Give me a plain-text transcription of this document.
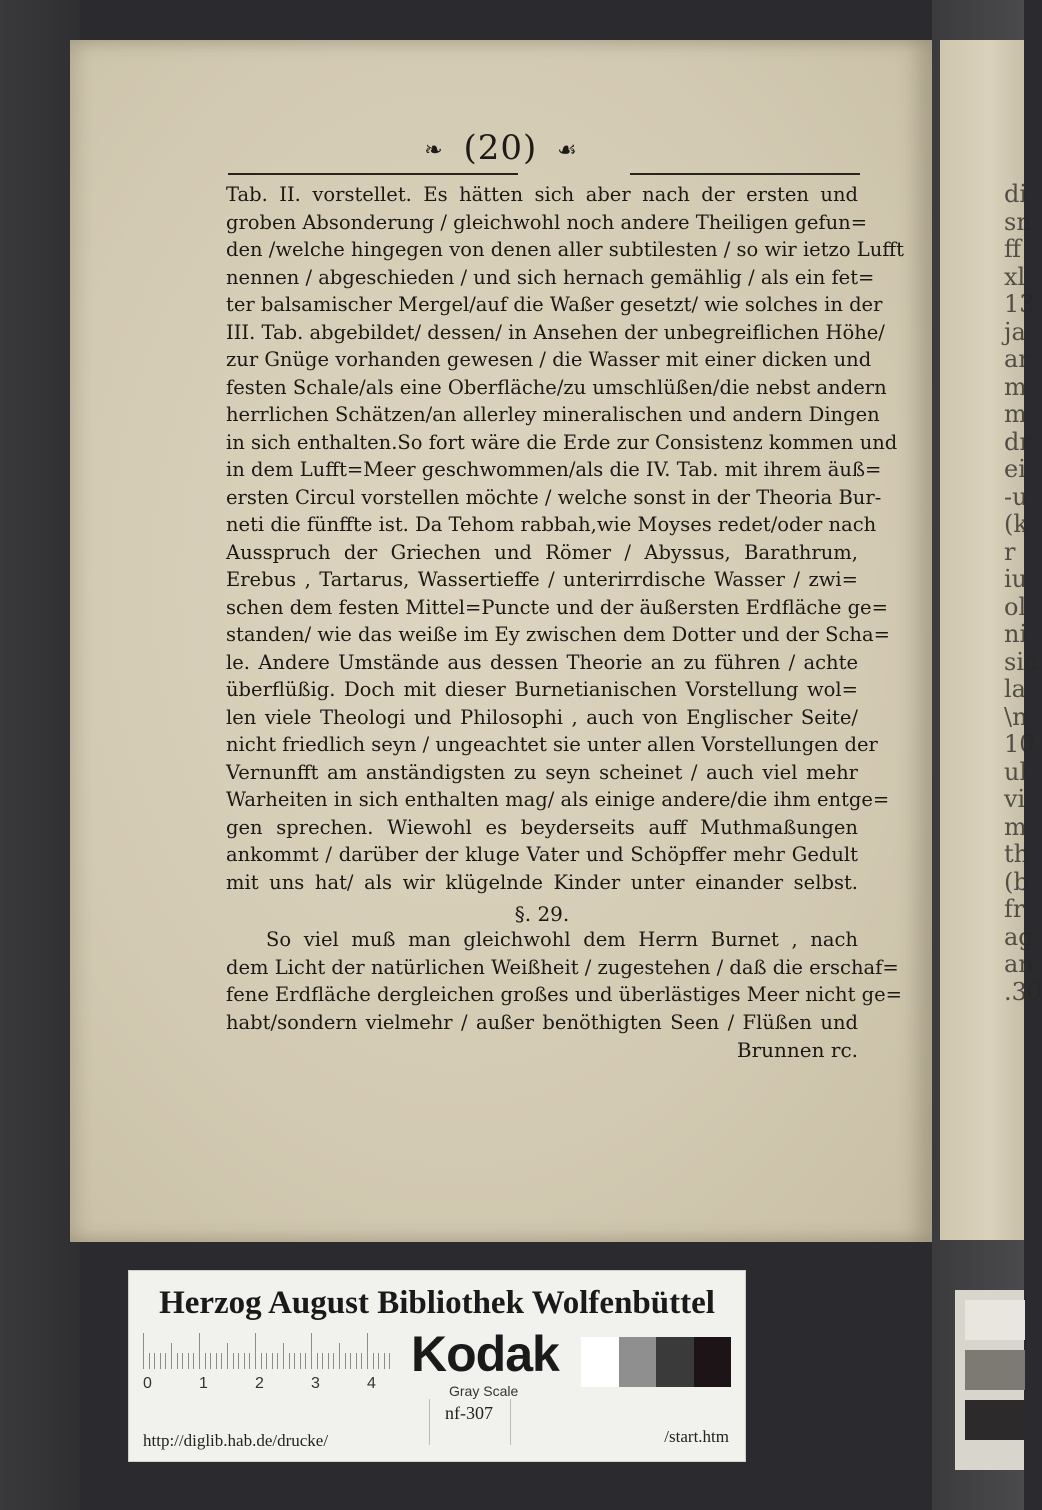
di
sn
ff
xl
13
ja
ar
m
m
dr
ei
-u
(k
r
iu
ol
ni
sic
la
\n
10
ul
vi
m
th
(b
fr
ag
an
.30
❧ (20) ☙
Tab. II. vorstellet. Es hätten sich aber nach der ersten und
groben Absonderung / gleichwohl noch andere Theiligen gefun=
den /welche hingegen von denen aller subtilesten / so wir ietzo Lufft
nennen / abgeschieden / und sich hernach gemählig / als ein fet=
ter balsamischer Mergel/auf die Waßer gesetzt/ wie solches in der
III. Tab. abgebildet/ dessen/ in Ansehen der unbegreiflichen Höhe/
zur Gnüge vorhanden gewesen / die Wasser mit einer dicken und
festen Schale/als eine Oberfläche/zu umschlüßen/die nebst andern
herrlichen Schätzen/an allerley mineralischen und andern Dingen
in sich enthalten.So fort wäre die Erde zur Consistenz kommen und
in dem Lufft=Meer geschwommen/als die IV. Tab. mit ihrem äuß=
ersten Circul vorstellen möchte / welche sonst in der Theoria Bur-
neti die fünffte ist. Da Tehom rabbah,wie Moyses redet/oder nach
Ausspruch der Griechen und Römer / Abyssus, Barathrum,
Erebus , Tartarus, Wassertieffe / unterirrdische Wasser / zwi=
schen dem festen Mittel=Puncte und der äußersten Erdfläche ge=
standen/ wie das weiße im Ey zwischen dem Dotter und der Scha=
le. Andere Umstände aus dessen Theorie an zu führen / achte
überflüßig. Doch mit dieser Burnetianischen Vorstellung wol=
len viele Theologi und Philosophi , auch von Englischer Seite/
nicht friedlich seyn / ungeachtet sie unter allen Vorstellungen der
Vernunfft am anständigsten zu seyn scheinet / auch viel mehr
Warheiten in sich enthalten mag/ als einige andere/die ihm entge=
gen sprechen. Wiewohl es beyderseits auff Muthmaßungen
ankommt / darüber der kluge Vater und Schöpffer mehr Gedult
mit uns hat/ als wir klügelnde Kinder unter einander selbst.
§. 29.
So viel muß man gleichwohl dem Herrn Burnet , nach
dem Licht der natürlichen Weißheit / zugestehen / daß die erschaf=
fene Erdfläche dergleichen großes und überlästiges Meer nicht ge=
habt/sondern vielmehr / außer benöthigten Seen / Flüßen und
Brunnen rc.
Herzog August Bibliothek Wolfenbüttel
0	1	2	3	4
Kodak
Gray Scale
nf-307
http://diglib.hab.de/drucke/	/start.htm
